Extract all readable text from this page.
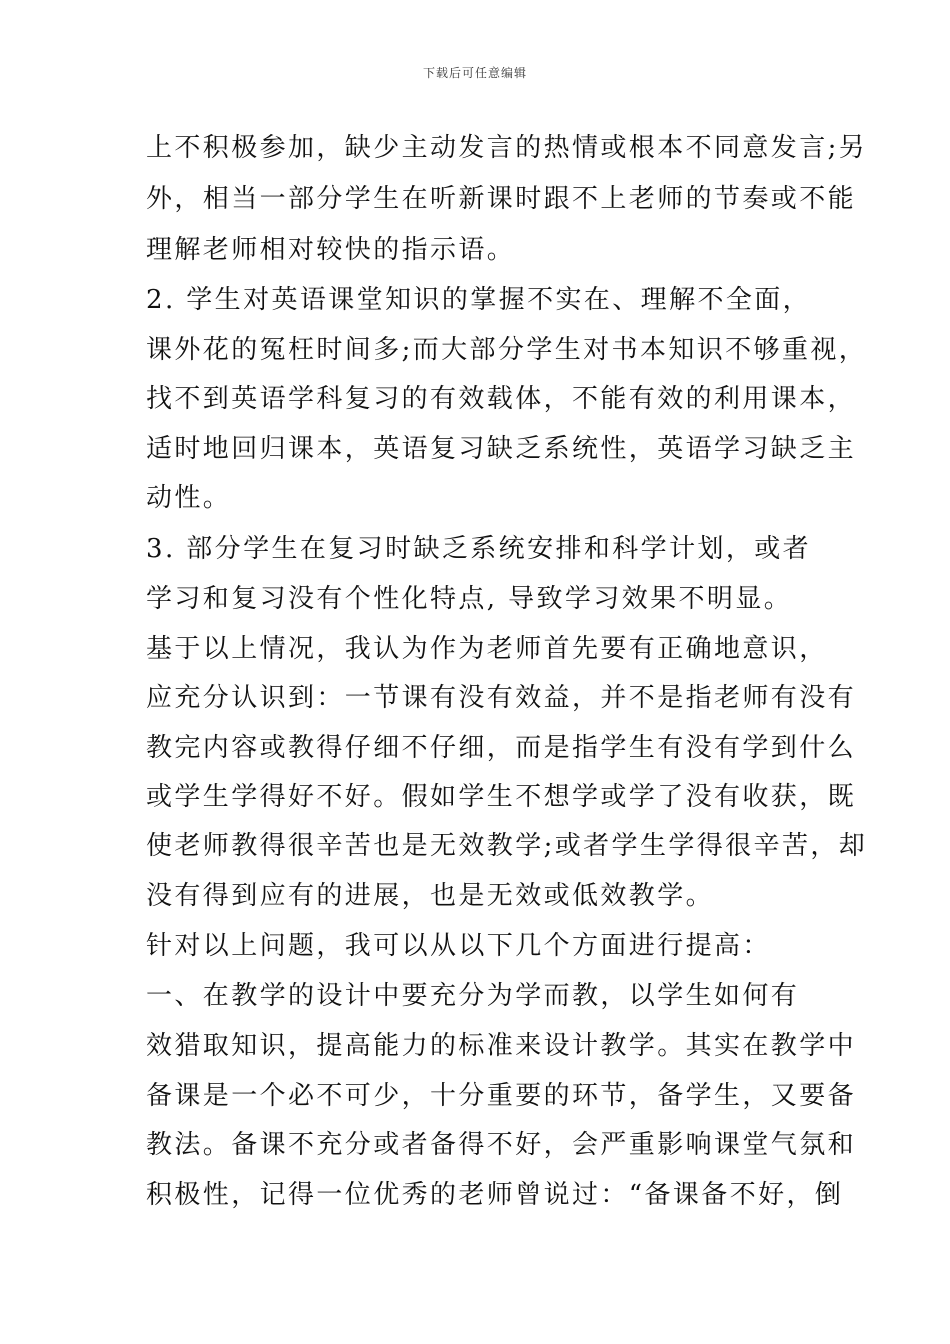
下载后可任意编辑
上不积极参加，缺少主动发言的热情或根本不同意发言;另
外，相当一部分学生在听新课时跟不上老师的节奏或不能
理解老师相对较快的指示语。
2. 学生对英语课堂知识的掌握不实在、理解不全面，
课外花的冤枉时间多;而大部分学生对书本知识不够重视，
找不到英语学科复习的有效载体，不能有效的利用课本，
适时地回归课本，英语复习缺乏系统性，英语学习缺乏主
动性。
3. 部分学生在复习时缺乏系统安排和科学计划，或者
学习和复习没有个性化特点, 导致学习效果不明显。
基于以上情况，我认为作为老师首先要有正确地意识，
应充分认识到：一节课有没有效益，并不是指老师有没有
教完内容或教得仔细不仔细，而是指学生有没有学到什么
或学生学得好不好。假如学生不想学或学了没有收获，既
使老师教得很辛苦也是无效教学;或者学生学得很辛苦，却
没有得到应有的进展，也是无效或低效教学。
针对以上问题，我可以从以下几个方面进行提高：
一、在教学的设计中要充分为学而教，以学生如何有
效猎取知识，提高能力的标准来设计教学。其实在教学中
备课是一个必不可少，十分重要的环节，备学生，又要备
教法。备课不充分或者备得不好，会严重影响课堂气氛和
积极性，记得一位优秀的老师曾说过：“备课备不好，倒
